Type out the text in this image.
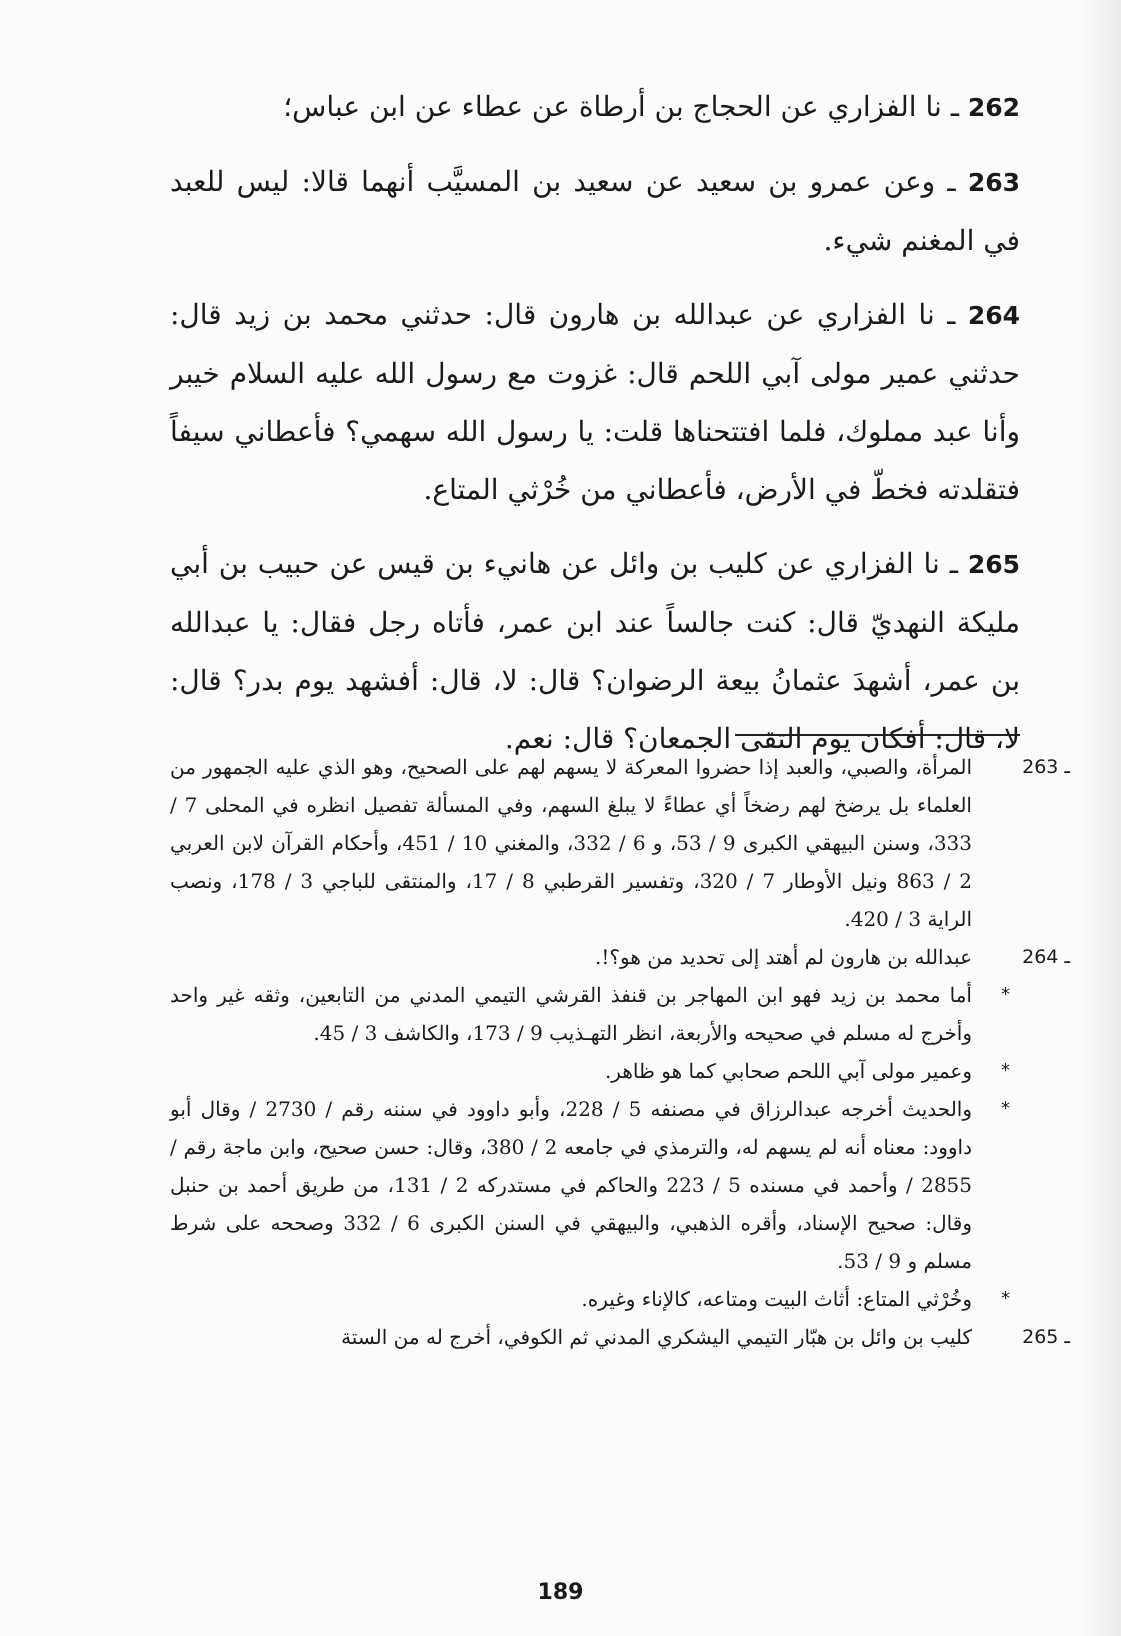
262 ـ نا الفزاري عن الحجاج بن أرطاة عن عطاء عن ابن عباس؛

263 ـ وعن عمرو بن سعيد عن سعيد بن المسيَّب أنهما قالا: ليس للعبد في المغنم شيء.

264 ـ نا الفزاري عن عبدالله بن هارون قال: حدثني محمد بن زيد قال: حدثني عمير مولى آبي اللحم قال: غزوت مع رسول الله عليه السلام خيبر وأنا عبد مملوك، فلما افتتحناها قلت: يا رسول الله سهمي؟ فأعطاني سيفاً فتقلدته فخطّ في الأرض، فأعطاني من خُرْثي المتاع.

265 ـ نا الفزاري عن كليب بن وائل عن هانيء بن قيس عن حبيب بن أبي مليكة النهديّ قال: كنت جالساً عند ابن عمر، فأتاه رجل فقال: يا عبدالله بن عمر، أشهدَ عثمانُ بيعة الرضوان؟ قال: لا، قال: أفشهد يوم بدر؟ قال: لا، قال: أفكان يوم التقى الجمعان؟ قال: نعم.

263 ـ
المرأة، والصبي، والعبد إذا حضروا المعركة لا يسهم لهم على الصحيح، وهو الذي عليه الجمهور من العلماء بل يرضخ لهم رضخاً أي عطاءً لا يبلغ السهم، وفي المسألة تفصيل انظره في المحلى 7 / 333، وسنن البيهقي الكبرى 9 / 53، و 6 / 332، والمغني 10 / 451، وأحكام القرآن لابن العربي 2 / 863 ونيل الأوطار 7 / 320، وتفسير القرطبي 8 / 17، والمنتقى للباجي 3 / 178، ونصب الراية 3 / 420.

264 ـ
عبدالله بن هارون لم أهتد إلى تحديد من هو؟!.

*
أما محمد بن زيد فهو ابن المهاجر بن قنفذ القرشي التيمي المدني من التابعين، وثقه غير واحد وأخرج له مسلم في صحيحه والأربعة، انظر التهـذيب 9 / 173، والكاشف 3 / 45.

*
وعمير مولى آبي اللحم صحابي كما هو ظاهر.

*
والحديث أخرجه عبدالرزاق في مصنفه 5 / 228، وأبو داوود في سننه رقم / 2730 / وقال أبو داوود: معناه أنه لم يسهم له، والترمذي في جامعه 2 / 380، وقال: حسن صحيح، وابن ماجة رقم / 2855 / وأحمد في مسنده 5 / 223 والحاكم في مستدركه 2 / 131، من طريق أحمد بن حنبل وقال: صحيح الإسناد، وأقره الذهبي، والبيهقي في السنن الكبرى 6 / 332 وصححه على شرط مسلم و 9 / 53.

*
وخُرْثي المتاع: أثاث البيت ومتاعه، كالإناء وغيره.

265 ـ
كليب بن وائل بن هبّار التيمي اليشكري المدني ثم الكوفي، أخرج له من الستة

189
